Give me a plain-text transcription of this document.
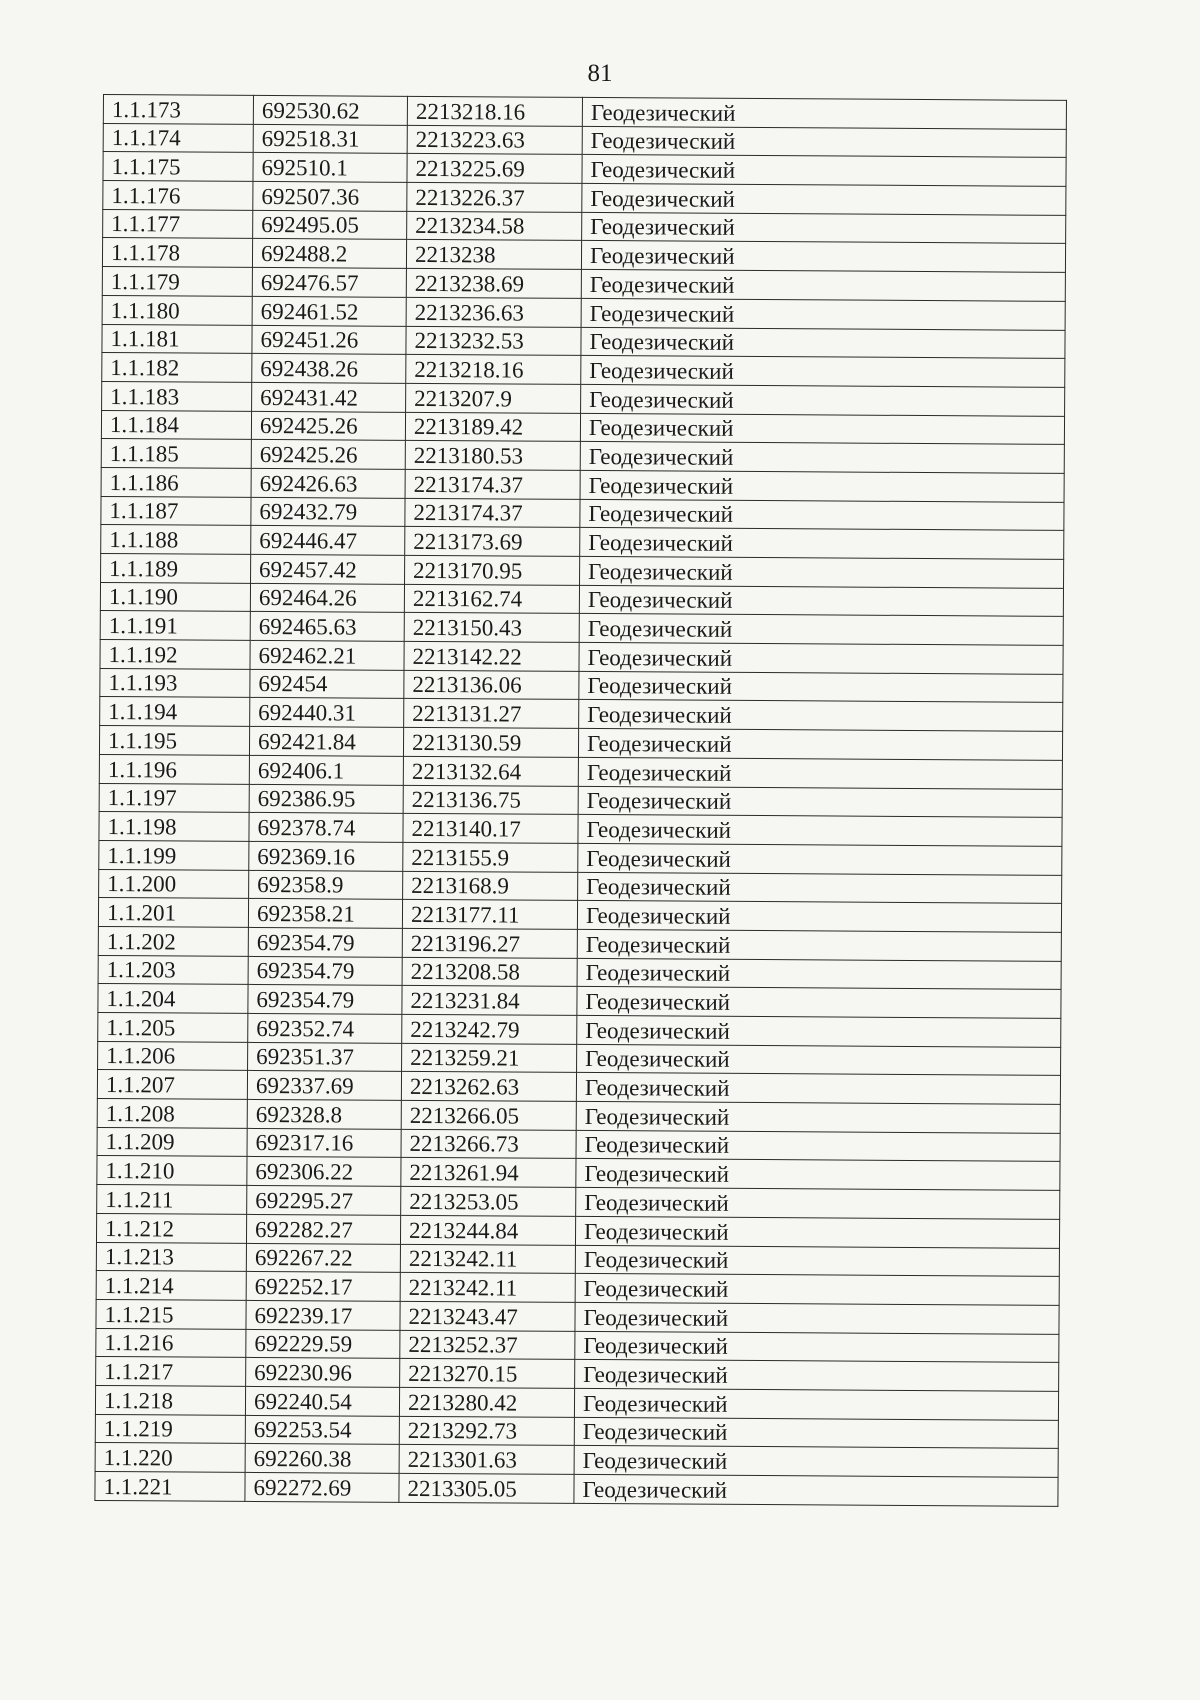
81
1.1.173	692530.62	2213218.16	Геодезический
1.1.174	692518.31	2213223.63	Геодезический
1.1.175	692510.1	2213225.69	Геодезический
1.1.176	692507.36	2213226.37	Геодезический
1.1.177	692495.05	2213234.58	Геодезический
1.1.178	692488.2	2213238	Геодезический
1.1.179	692476.57	2213238.69	Геодезический
1.1.180	692461.52	2213236.63	Геодезический
1.1.181	692451.26	2213232.53	Геодезический
1.1.182	692438.26	2213218.16	Геодезический
1.1.183	692431.42	2213207.9	Геодезический
1.1.184	692425.26	2213189.42	Геодезический
1.1.185	692425.26	2213180.53	Геодезический
1.1.186	692426.63	2213174.37	Геодезический
1.1.187	692432.79	2213174.37	Геодезический
1.1.188	692446.47	2213173.69	Геодезический
1.1.189	692457.42	2213170.95	Геодезический
1.1.190	692464.26	2213162.74	Геодезический
1.1.191	692465.63	2213150.43	Геодезический
1.1.192	692462.21	2213142.22	Геодезический
1.1.193	692454	2213136.06	Геодезический
1.1.194	692440.31	2213131.27	Геодезический
1.1.195	692421.84	2213130.59	Геодезический
1.1.196	692406.1	2213132.64	Геодезический
1.1.197	692386.95	2213136.75	Геодезический
1.1.198	692378.74	2213140.17	Геодезический
1.1.199	692369.16	2213155.9	Геодезический
1.1.200	692358.9	2213168.9	Геодезический
1.1.201	692358.21	2213177.11	Геодезический
1.1.202	692354.79	2213196.27	Геодезический
1.1.203	692354.79	2213208.58	Геодезический
1.1.204	692354.79	2213231.84	Геодезический
1.1.205	692352.74	2213242.79	Геодезический
1.1.206	692351.37	2213259.21	Геодезический
1.1.207	692337.69	2213262.63	Геодезический
1.1.208	692328.8	2213266.05	Геодезический
1.1.209	692317.16	2213266.73	Геодезический
1.1.210	692306.22	2213261.94	Геодезический
1.1.211	692295.27	2213253.05	Геодезический
1.1.212	692282.27	2213244.84	Геодезический
1.1.213	692267.22	2213242.11	Геодезический
1.1.214	692252.17	2213242.11	Геодезический
1.1.215	692239.17	2213243.47	Геодезический
1.1.216	692229.59	2213252.37	Геодезический
1.1.217	692230.96	2213270.15	Геодезический
1.1.218	692240.54	2213280.42	Геодезический
1.1.219	692253.54	2213292.73	Геодезический
1.1.220	692260.38	2213301.63	Геодезический
1.1.221	692272.69	2213305.05	Геодезический
